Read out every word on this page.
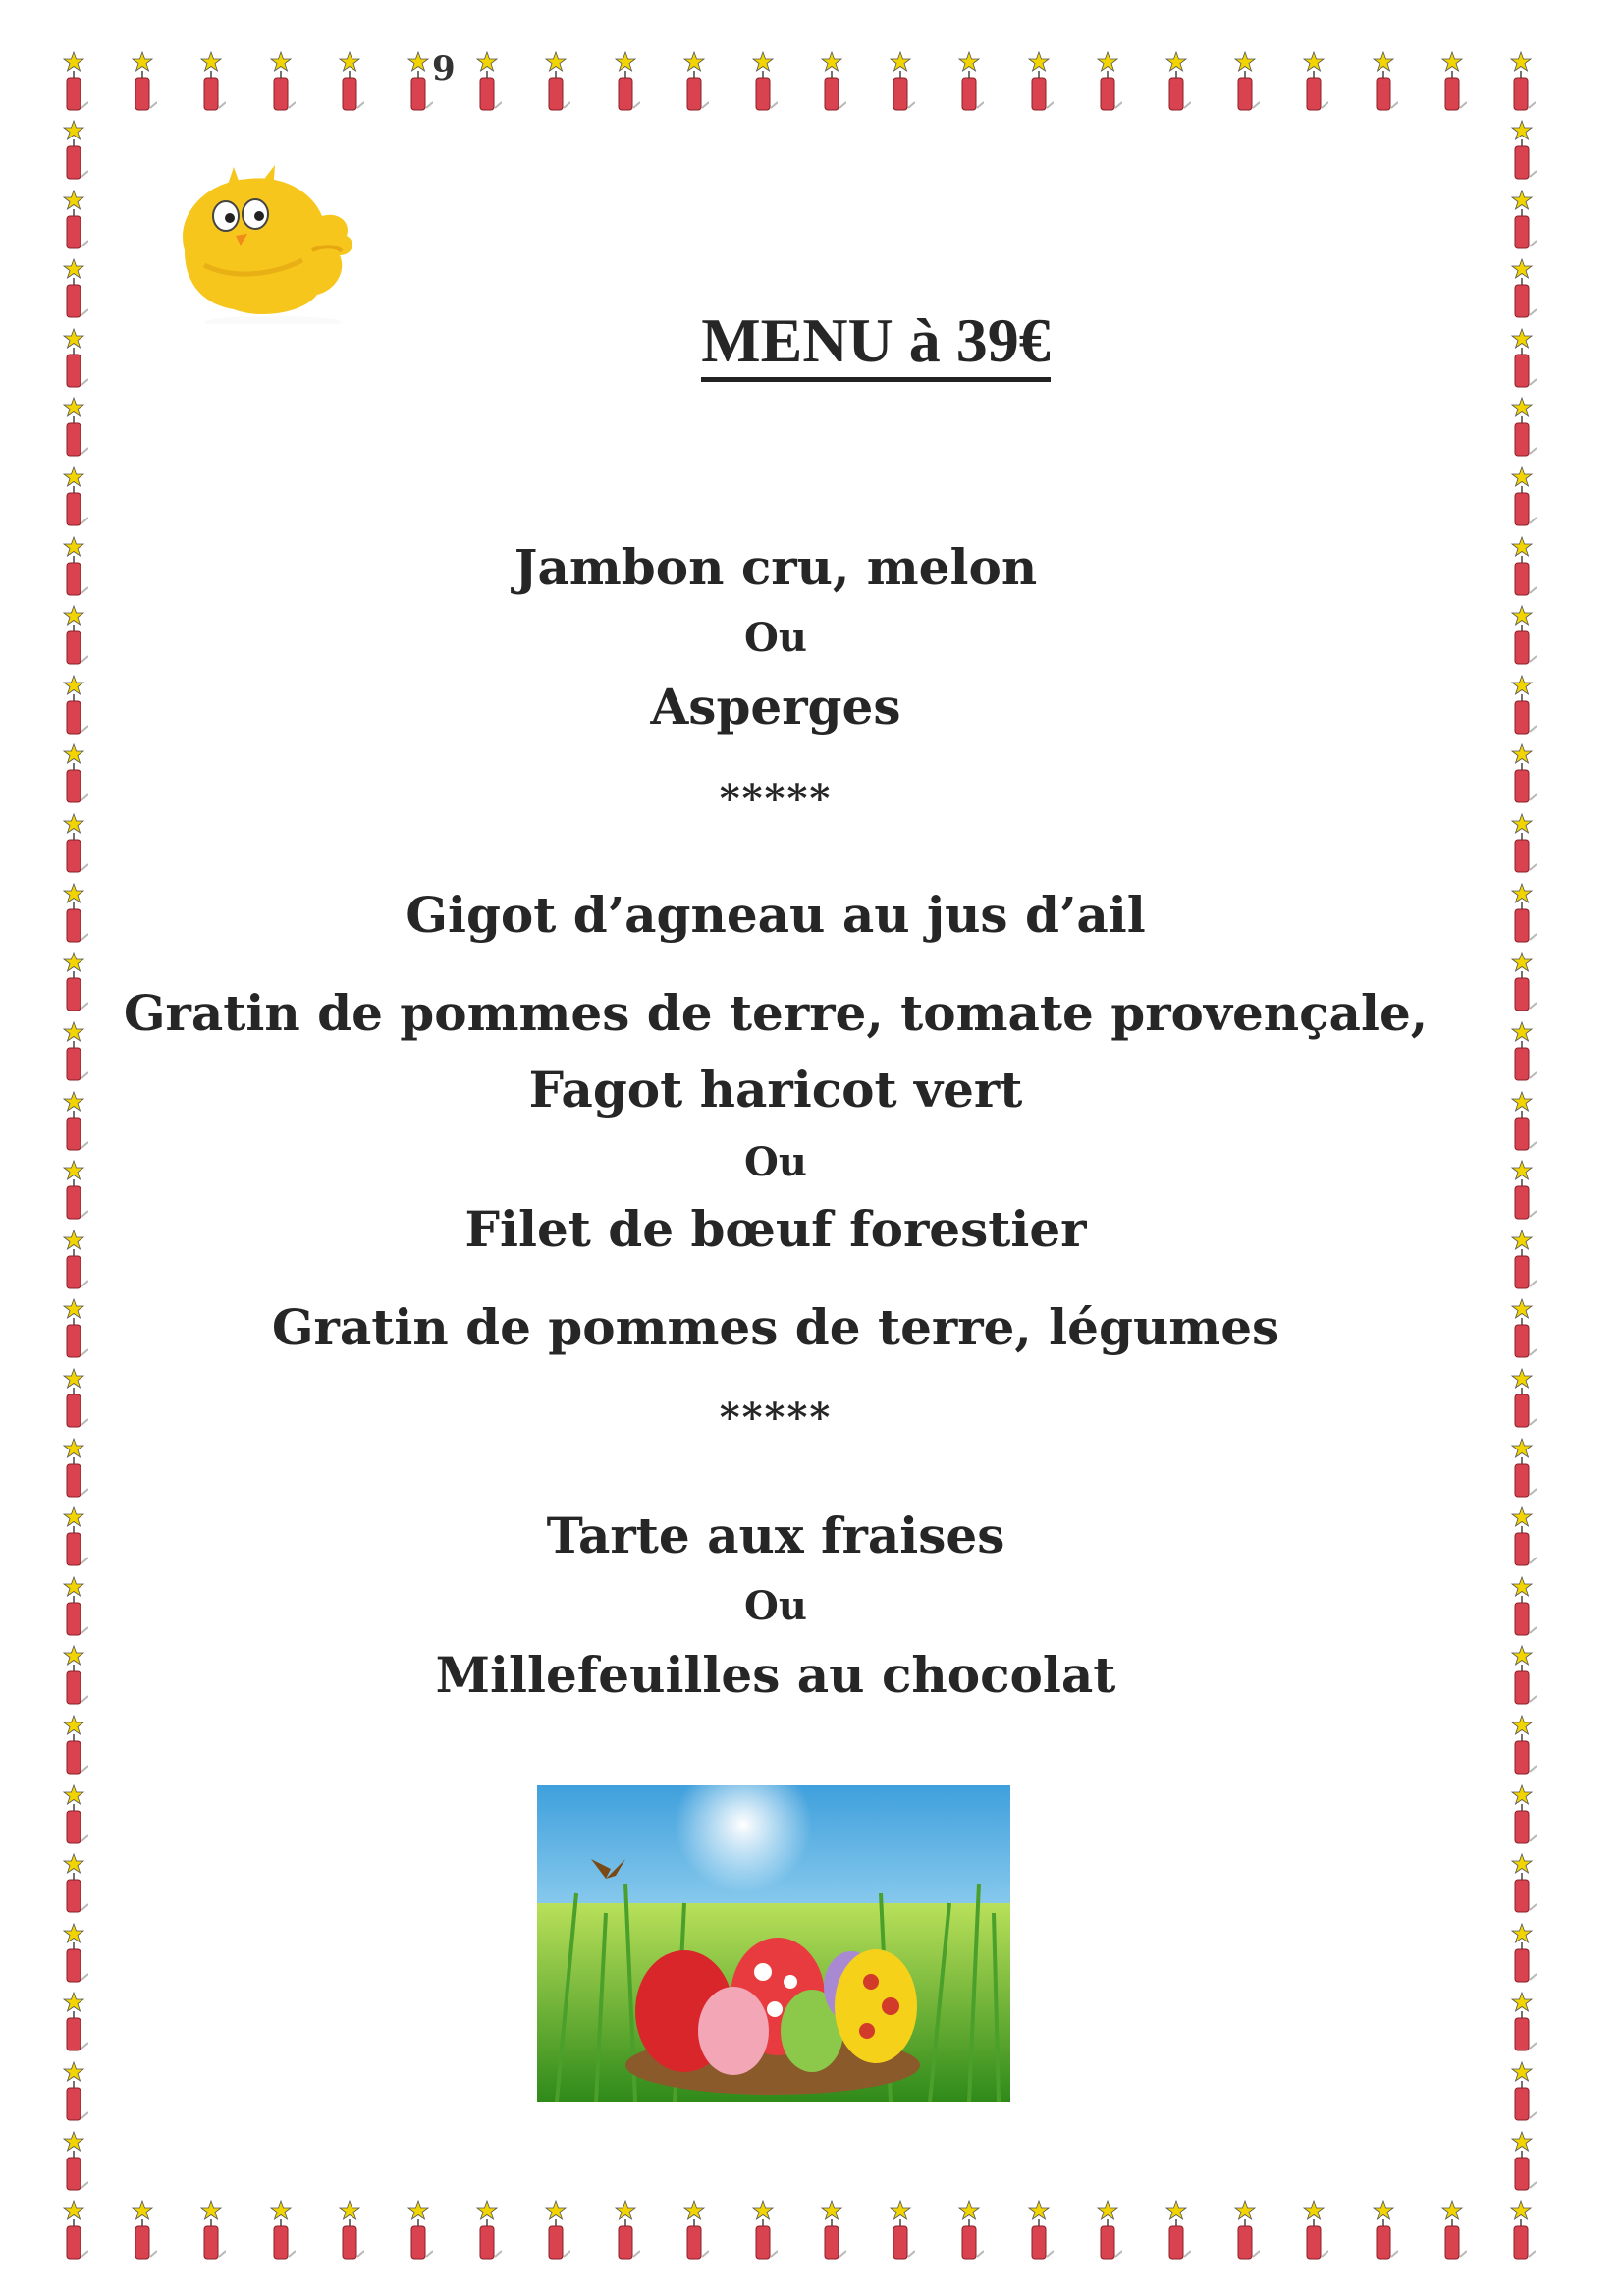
9
MENU à 39€
Jambon cru, melon
Ou
Asperges
*****
Gigot d’agneau au jus d’ail
Gratin de pommes de terre, tomate provençale,
Fagot haricot vert
Ou
Filet de bœuf forestier
Gratin de pommes de terre, légumes
*****
Tarte aux fraises
Ou
Millefeuilles au chocolat
